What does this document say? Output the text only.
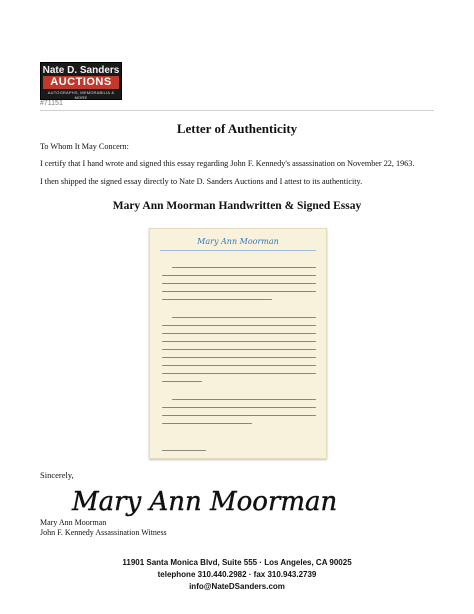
Nate D. Sanders
AUCTIONS
AUTOGRAPHS, MEMORABILIA & MORE
#71151
Letter of Authenticity
To Whom It May Concern:
I certify that I hand wrote and signed this essay regarding John F. Kennedy's assassination on November 22, 1963.
I then shipped the signed essay directly to Nate D. Sanders Auctions and I attest to its authenticity.
Mary Ann Moorman Handwritten & Signed Essay
Mary Ann Moorman
Sincerely,
Mary Ann Moorman
Mary Ann Moorman
John F. Kennedy Assassination Witness
11901 Santa Monica Blvd, Suite 555 · Los Angeles, CA 90025
telephone 310.440.2982 · fax 310.943.2739
info@NateDSanders.com
